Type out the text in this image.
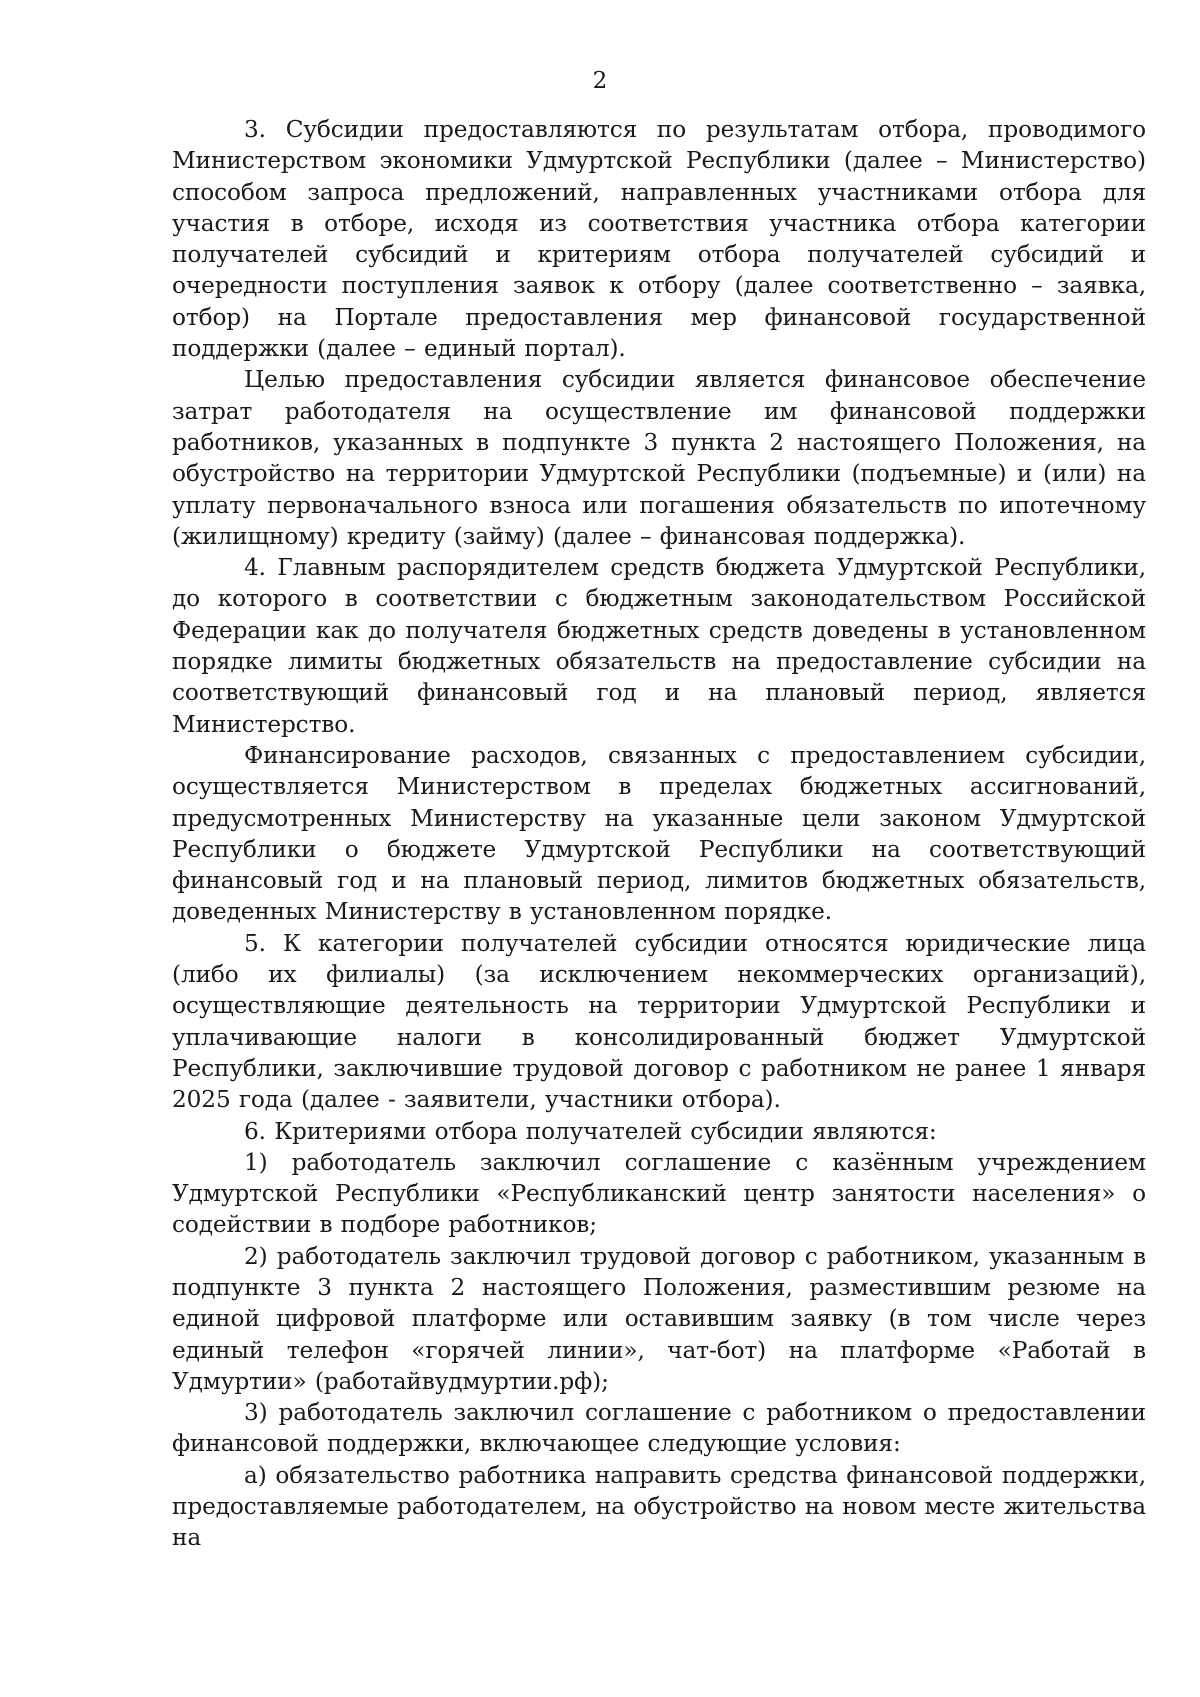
2

3. Субсидии предоставляются по результатам отбора, проводимого Министерством экономики Удмуртской Республики (далее – Министерство) способом запроса предложений, направленных участниками отбора для участия в отборе, исходя из соответствия участника отбора категории получателей субсидий и критериям отбора получателей субсидий и очередности поступления заявок к отбору (далее соответственно – заявка, отбор) на Портале предоставления мер финансовой государственной поддержки (далее – единый портал).

Целью предоставления субсидии является финансовое обеспечение затрат работодателя на осуществление им финансовой поддержки работников, указанных в подпункте 3 пункта 2 настоящего Положения, на обустройство на территории Удмуртской Республики (подъемные) и (или) на уплату первоначального взноса или погашения обязательств по ипотечному (жилищному) кредиту (займу) (далее – финансовая поддержка).

4. Главным распорядителем средств бюджета Удмуртской Республики, до которого в соответствии с бюджетным законодательством Российской Федерации как до получателя бюджетных средств доведены в установленном порядке лимиты бюджетных обязательств на предоставление субсидии на соответствующий финансовый год и на плановый период, является Министерство.

Финансирование расходов, связанных с предоставлением субсидии, осуществляется Министерством в пределах бюджетных ассигнований, предусмотренных Министерству на указанные цели законом Удмуртской Республики о бюджете Удмуртской Республики на соответствующий финансовый год и на плановый период, лимитов бюджетных обязательств, доведенных Министерству в установленном порядке.

5. К категории получателей субсидии относятся юридические лица (либо их филиалы) (за исключением некоммерческих организаций), осуществляющие деятельность на территории Удмуртской Республики и уплачивающие налоги в консолидированный бюджет Удмуртской Республики, заключившие трудовой договор с работником не ранее 1 января 2025 года (далее - заявители, участники отбора).

6. Критериями отбора получателей субсидии являются:

1) работодатель заключил соглашение с казённым учреждением Удмуртской Республики «Республиканский центр занятости населения» о содействии в подборе работников;

2) работодатель заключил трудовой договор с работником, указанным в подпункте 3 пункта 2 настоящего Положения, разместившим резюме на единой цифровой платформе или оставившим заявку (в том числе через единый телефон «горячей линии», чат-бот) на платформе «Работай в Удмуртии» (работайвудмуртии.рф);

3) работодатель заключил соглашение с работником о предоставлении финансовой поддержки, включающее следующие условия:

а) обязательство работника направить средства финансовой поддержки, предоставляемые работодателем, на обустройство на новом месте жительства на
